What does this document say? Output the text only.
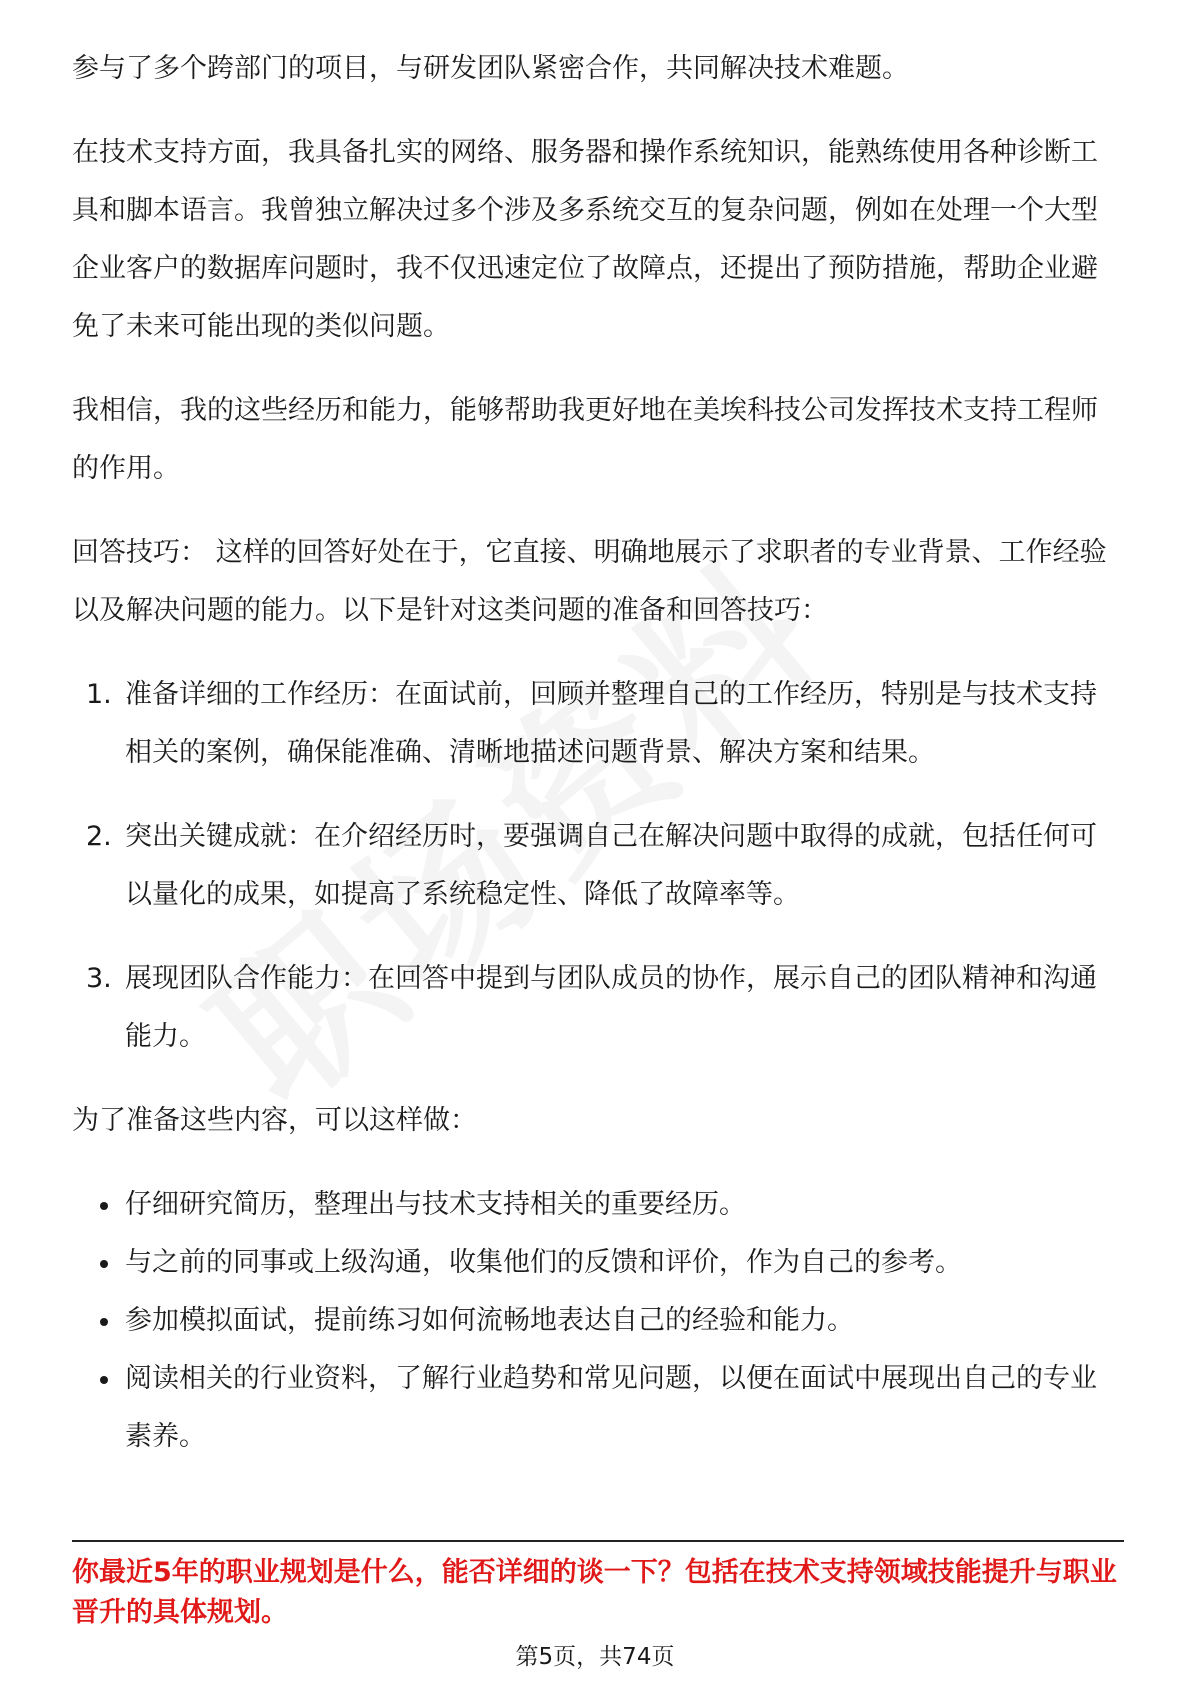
参与了多个跨部门的项目，与研发团队紧密合作，共同解决技术难题。

在技术支持方面，我具备扎实的网络、服务器和操作系统知识，能熟练使用各种诊断工具和脚本语言。我曾独立解决过多个涉及多系统交互的复杂问题，例如在处理一个大型企业客户的数据库问题时，我不仅迅速定位了故障点，还提出了预防措施，帮助企业避免了未来可能出现的类似问题。

我相信，我的这些经历和能力，能够帮助我更好地在美埃科技公司发挥技术支持工程师的作用。

回答技巧： 这样的回答好处在于，它直接、明确地展示了求职者的专业背景、工作经验以及解决问题的能力。以下是针对这类问题的准备和回答技巧：

1. 准备详细的工作经历：在面试前，回顾并整理自己的工作经历，特别是与技术支持相关的案例，确保能准确、清晰地描述问题背景、解决方案和结果。
2. 突出关键成就：在介绍经历时，要强调自己在解决问题中取得的成就，包括任何可以量化的成果，如提高了系统稳定性、降低了故障率等。
3. 展现团队合作能力：在回答中提到与团队成员的协作，展示自己的团队精神和沟通能力。

为了准备这些内容，可以这样做：

仔细研究简历，整理出与技术支持相关的重要经历。
与之前的同事或上级沟通，收集他们的反馈和评价，作为自己的参考。
参加模拟面试，提前练习如何流畅地表达自己的经验和能力。
阅读相关的行业资料，了解行业趋势和常见问题，以便在面试中展现出自己的专业素养。
你最近5年的职业规划是什么，能否详细的谈一下？包括在技术支持领域技能提升与职业晋升的具体规划。
第5页，共74页
